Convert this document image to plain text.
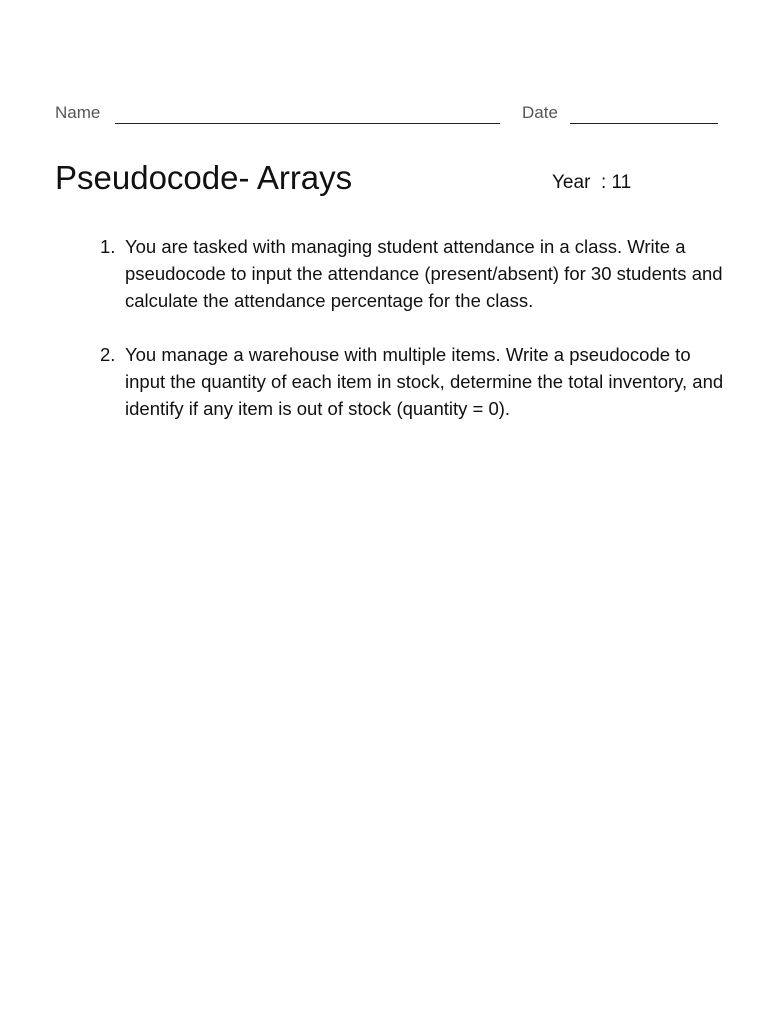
Name	Date
Pseudocode- Arrays	Year  : 11
1. You are tasked with managing student attendance in a class. Write a pseudocode to input the attendance (present/absent) for 30 students and calculate the attendance percentage for the class.
2. You manage a warehouse with multiple items. Write a pseudocode to input the quantity of each item in stock, determine the total inventory, and identify if any item is out of stock (quantity = 0).
